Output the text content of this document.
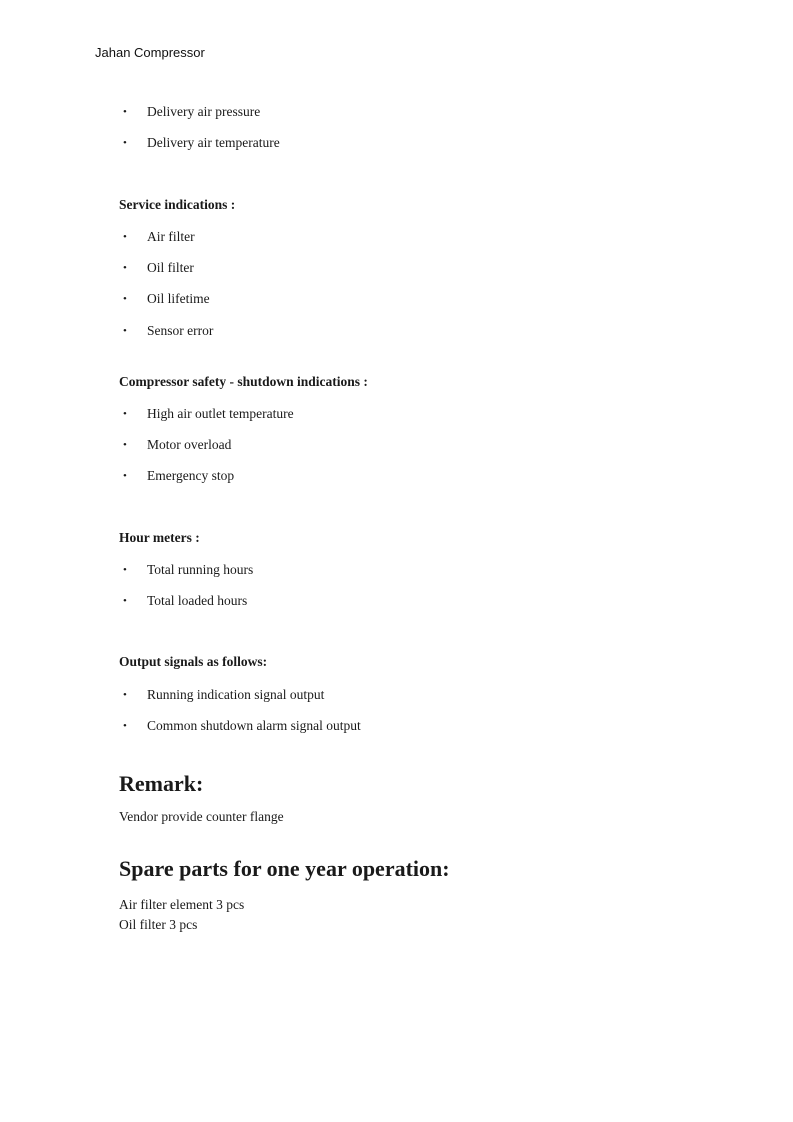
Jahan Compressor
• Delivery air pressure
• Delivery air temperature
Service indications :
• Air filter
• Oil filter
• Oil lifetime
• Sensor error
Compressor safety - shutdown indications :
• High air outlet temperature
• Motor overload
• Emergency stop
Hour meters :
• Total running hours
• Total loaded hours
Output signals as follows:
• Running indication signal output
• Common shutdown alarm signal output
Remark:
Vendor provide counter flange
Spare parts for one year operation:
Air filter element 3 pcs
Oil filter 3 pcs
